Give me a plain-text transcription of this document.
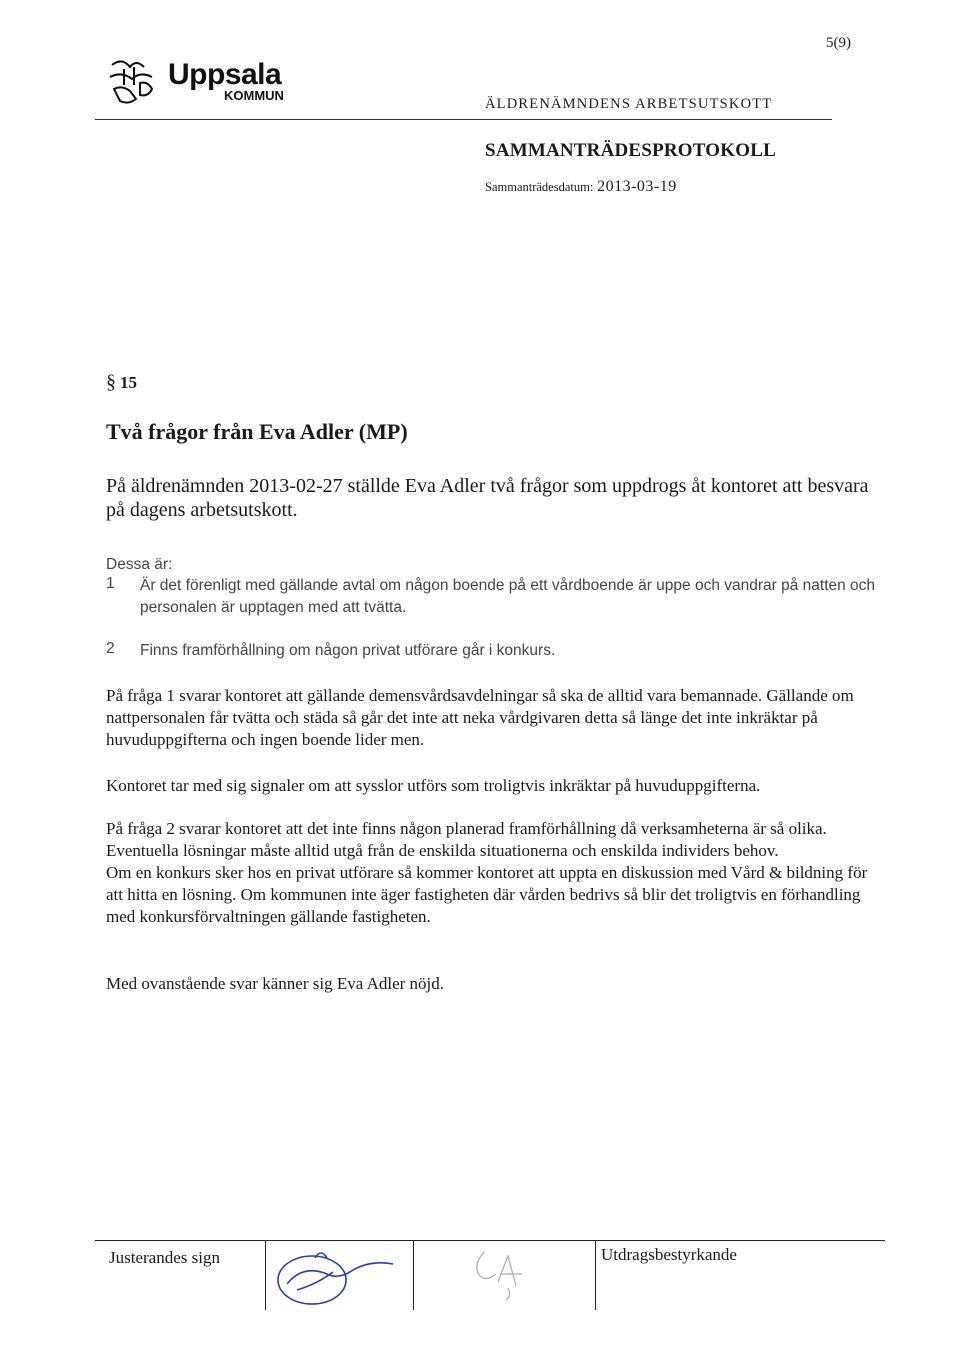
5(9)
Uppsala
KOMMUN
ÄLDRENÄMNDENS ARBETSUTSKOTT
SAMMANTRÄDESPROTOKOLL
Sammanträdesdatum: 2013-03-19
§ 15
Två frågor från Eva Adler (MP)
På äldrenämnden 2013-02-27 ställde Eva Adler två frågor som uppdrogs åt kontoret att besvara på dagens arbetsutskott.
Dessa är:
1 Är det förenligt med gällande avtal om någon boende på ett vårdboende är uppe och vandrar på natten och personalen är upptagen med att tvätta.
2 Finns framförhållning om någon privat utförare går i konkurs.
På fråga 1 svarar kontoret att gällande demensvårdsavdelningar så ska de alltid vara bemannade. Gällande om nattpersonalen får tvätta och städa så går det inte att neka vårdgivaren detta så länge det inte inkräktar på huvuduppgifterna och ingen boende lider men.
Kontoret tar med sig signaler om att sysslor utförs som troligtvis inkräktar på huvuduppgifterna.
På fråga 2 svarar kontoret att det inte finns någon planerad framförhållning då verksamheterna är så olika. Eventuella lösningar måste alltid utgå från de enskilda situationerna och enskilda individers behov.
Om en konkurs sker hos en privat utförare så kommer kontoret att uppta en diskussion med Vård & bildning för att hitta en lösning. Om kommunen inte äger fastigheten där vården bedrivs så blir det troligtvis en förhandling med konkursförvaltningen gällande fastigheten.
Med ovanstående svar känner sig Eva Adler nöjd.
Justerandes sign	Utdragsbestyrkande
